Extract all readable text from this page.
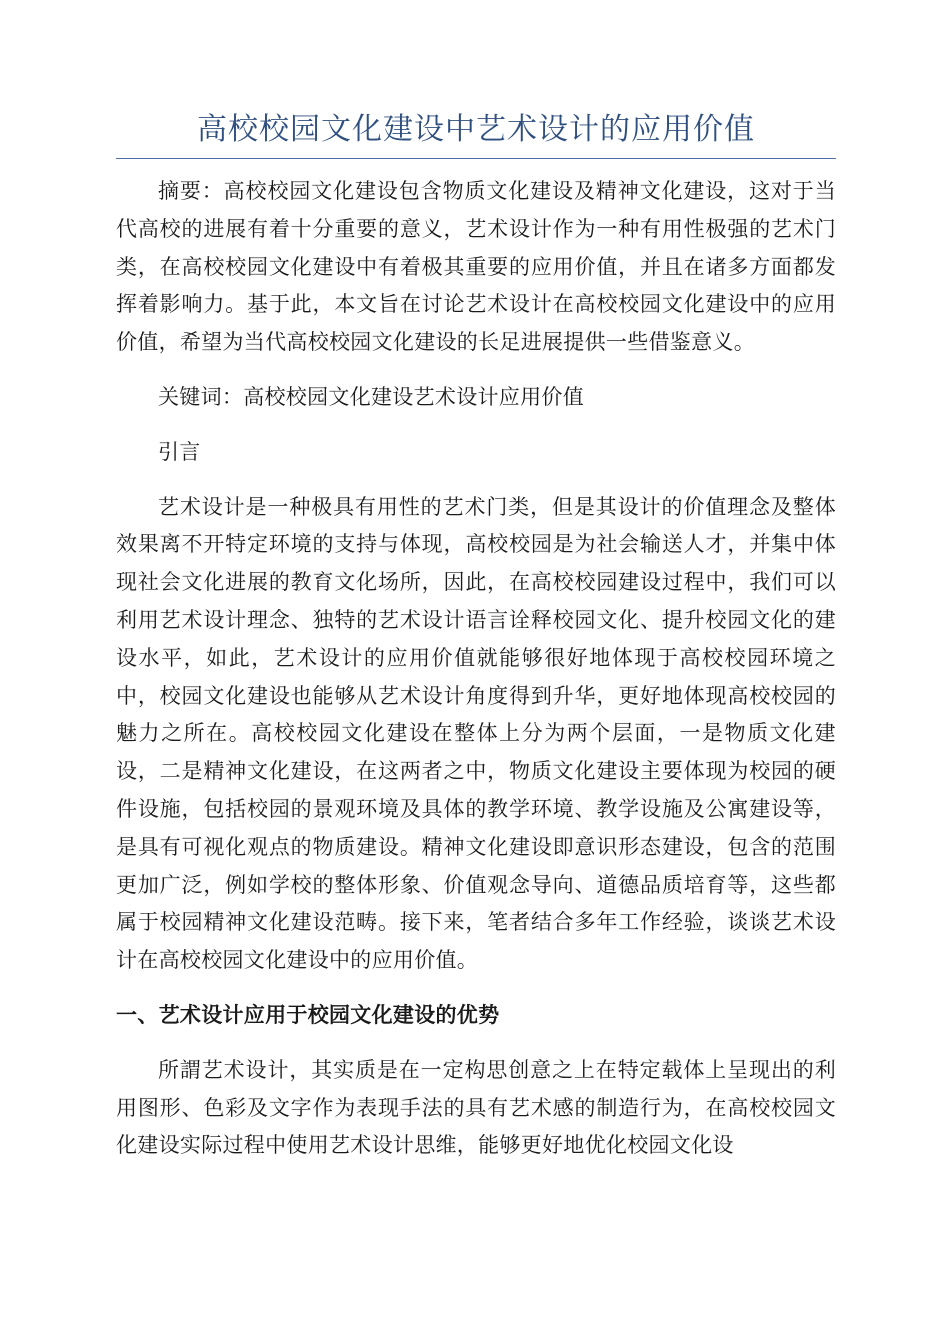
高校校园文化建设中艺术设计的应用价值

摘要：高校校园文化建设包含物质文化建设及精神文化建设，这对于当代高校的进展有着十分重要的意义，艺术设计作为一种有用性极强的艺术门类，在高校校园文化建设中有着极其重要的应用价值，并且在诸多方面都发挥着影响力。基于此，本文旨在讨论艺术设计在高校校园文化建设中的应用价值，希望为当代高校校园文化建设的长足进展提供一些借鉴意义。

关键词：高校校园文化建设艺术设计应用价值

引言

艺术设计是一种极具有用性的艺术门类，但是其设计的价值理念及整体效果离不开特定环境的支持与体现，高校校园是为社会输送人才，并集中体现社会文化进展的教育文化场所，因此，在高校校园建设过程中，我们可以利用艺术设计理念、独特的艺术设计语言诠释校园文化、提升校园文化的建设水平，如此，艺术设计的应用价值就能够很好地体现于高校校园环境之中，校园文化建设也能够从艺术设计角度得到升华，更好地体现高校校园的魅力之所在。高校校园文化建设在整体上分为两个层面，一是物质文化建设，二是精神文化建设，在这两者之中，物质文化建设主要体现为校园的硬件设施，包括校园的景观环境及具体的教学环境、教学设施及公寓建设等，是具有可视化观点的物质建设。精神文化建设即意识形态建设，包含的范围更加广泛，例如学校的整体形象、价值观念导向、道德品质培育等，这些都属于校园精神文化建设范畴。接下来，笔者结合多年工作经验，谈谈艺术设计在高校校园文化建设中的应用价值。

一、艺术设计应用于校园文化建设的优势

所謂艺术设计，其实质是在一定构思创意之上在特定载体上呈现出的利用图形、色彩及文字作为表现手法的具有艺术感的制造行为，在高校校园文化建设实际过程中使用艺术设计思维，能够更好地优化校园文化设
